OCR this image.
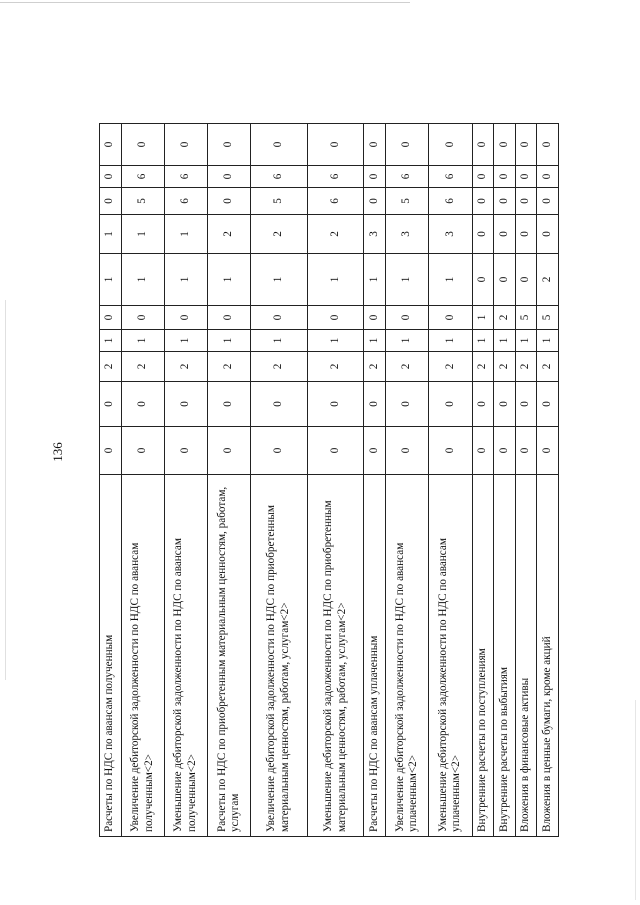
136
Расчеты по НДС по авансам полученным	0	0	2	1	0	1	1	0	0	0
Увеличение дебиторской задолженности по НДС по авансам полученным<2>	0	0	2	1	0	1	1	5	6	0
Уменьшение дебиторской задолженности по НДС по авансам полученным<2>	0	0	2	1	0	1	1	6	6	0
Расчеты по НДС по приобретенным материальным ценностям, работам, услугам	0	0	2	1	0	1	2	0	0	0
Увеличение дебиторской задолженности по НДС по приобретенным материальным ценностям, работам, услугам<2>	0	0	2	1	0	1	2	5	6	0
Уменьшение дебиторской задолженности по НДС по приобретенным материальным ценностям, работам, услугам<2>	0	0	2	1	0	1	2	6	6	0
Расчеты по НДС по авансам уплаченным	0	0	2	1	0	1	3	0	0	0
Увеличение дебиторской задолженности по НДС по авансам уплаченным<2>	0	0	2	1	0	1	3	5	6	0
Уменьшение дебиторской задолженности по НДС по авансам уплаченным<2>	0	0	2	1	0	1	3	6	6	0
Внутренние расчеты по поступлениям	0	0	2	1	1	0	0	0	0	0
Внутренние расчеты по выбытиям	0	0	2	1	2	0	0	0	0	0
Вложения в финансовые активы	0	0	2	1	5	0	0	0	0	0
Вложения в ценные бумаги, кроме акций	0	0	2	1	5	2	0	0	0	0
